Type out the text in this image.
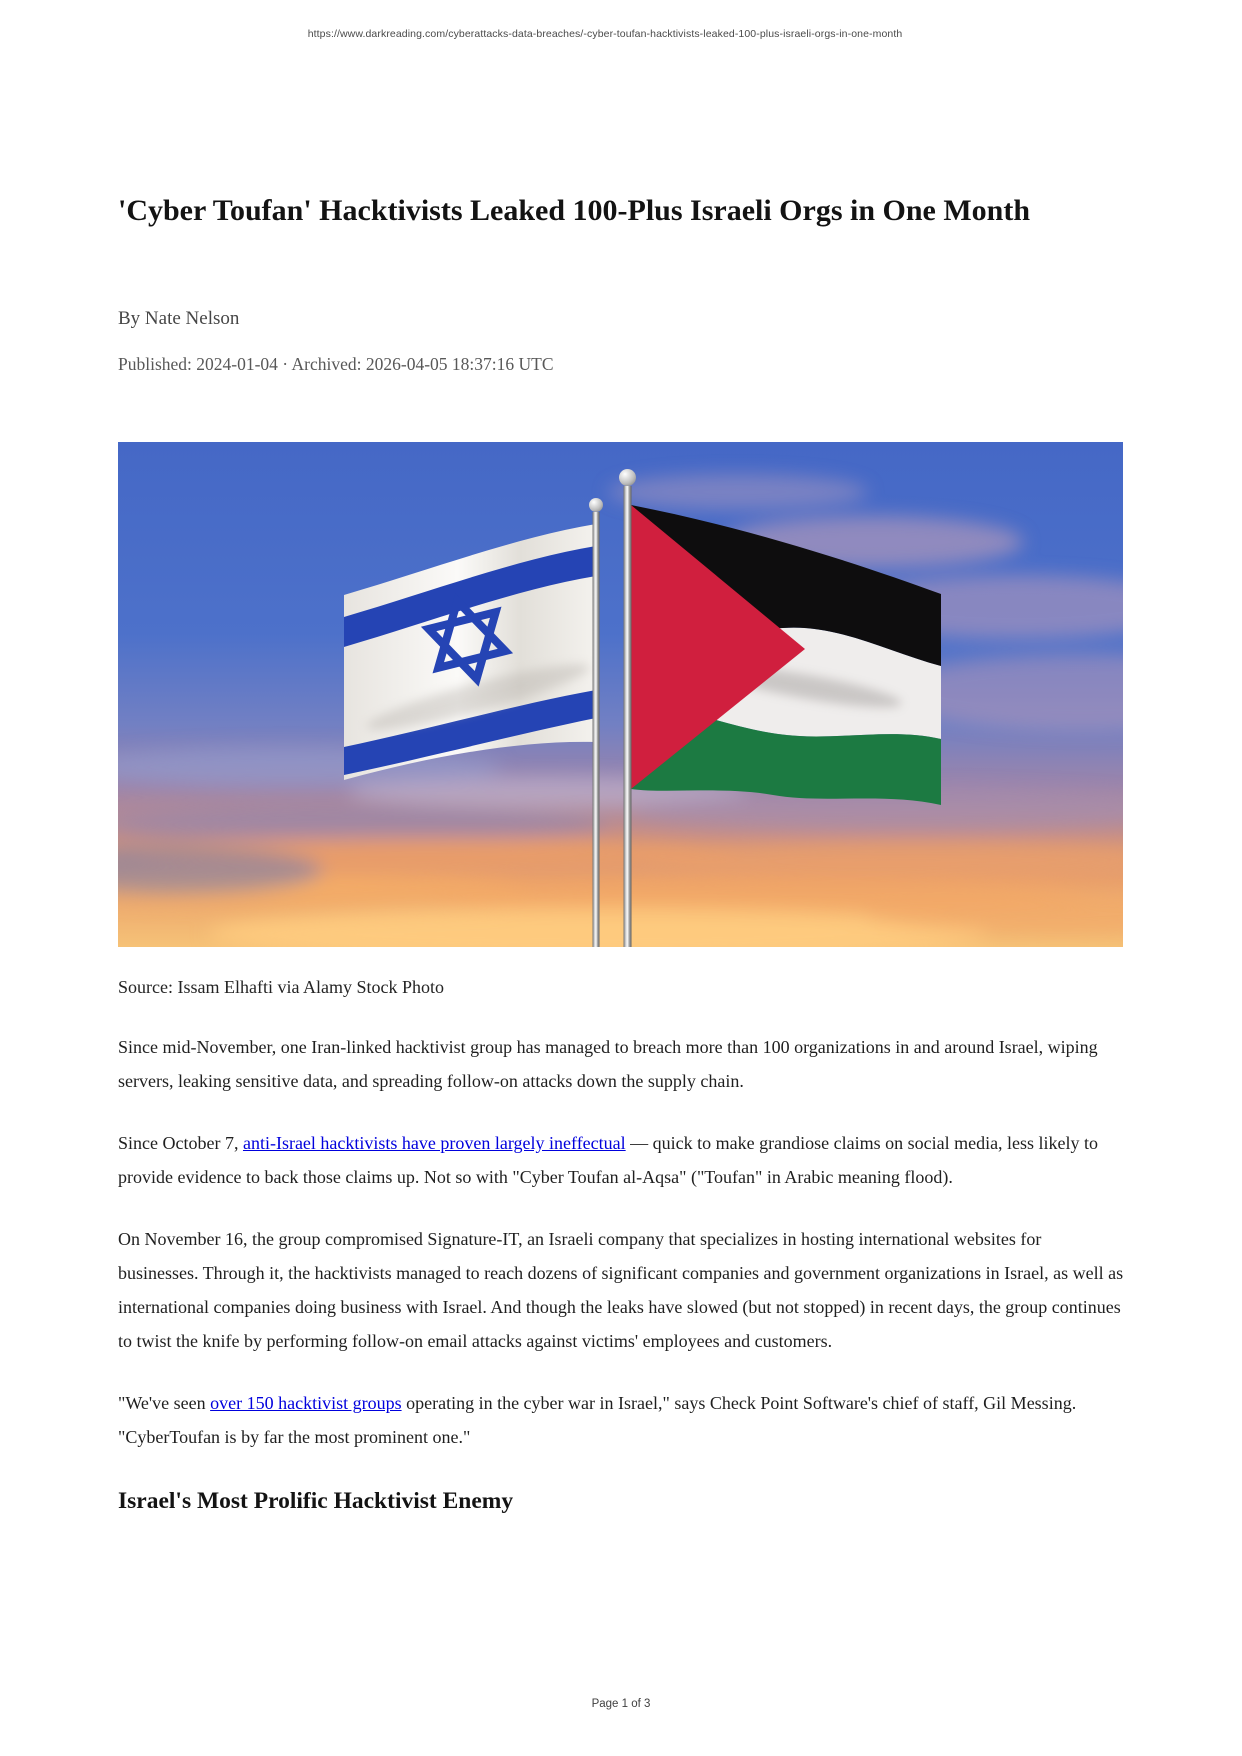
https://www.darkreading.com/cyberattacks-data-breaches/-cyber-toufan-hacktivists-leaked-100-plus-israeli-orgs-in-one-month
'Cyber Toufan' Hacktivists Leaked 100-Plus Israeli Orgs in One Month

By Nate Nelson

Published: 2024-01-04 · Archived: 2026-04-05 18:37:16 UTC

Source: Issam Elhafti via Alamy Stock Photo

Since mid-November, one Iran-linked hacktivist group has managed to breach more than 100 organizations in and around Israel, wiping servers, leaking sensitive data, and spreading follow-on attacks down the supply chain.

Since October 7, anti-Israel hacktivists have proven largely ineffectual — quick to make grandiose claims on social media, less likely to provide evidence to back those claims up. Not so with "Cyber Toufan al-Aqsa" ("Toufan" in Arabic meaning flood).

On November 16, the group compromised Signature-IT, an Israeli company that specializes in hosting international websites for businesses. Through it, the hacktivists managed to reach dozens of significant companies and government organizations in Israel, as well as international companies doing business with Israel. And though the leaks have slowed (but not stopped) in recent days, the group continues to twist the knife by performing follow-on email attacks against victims' employees and customers.

"We've seen over 150 hacktivist groups operating in the cyber war in Israel," says Check Point Software's chief of staff, Gil Messing. "CyberToufan is by far the most prominent one."

Israel's Most Prolific Hacktivist Enemy
Page 1 of 3
